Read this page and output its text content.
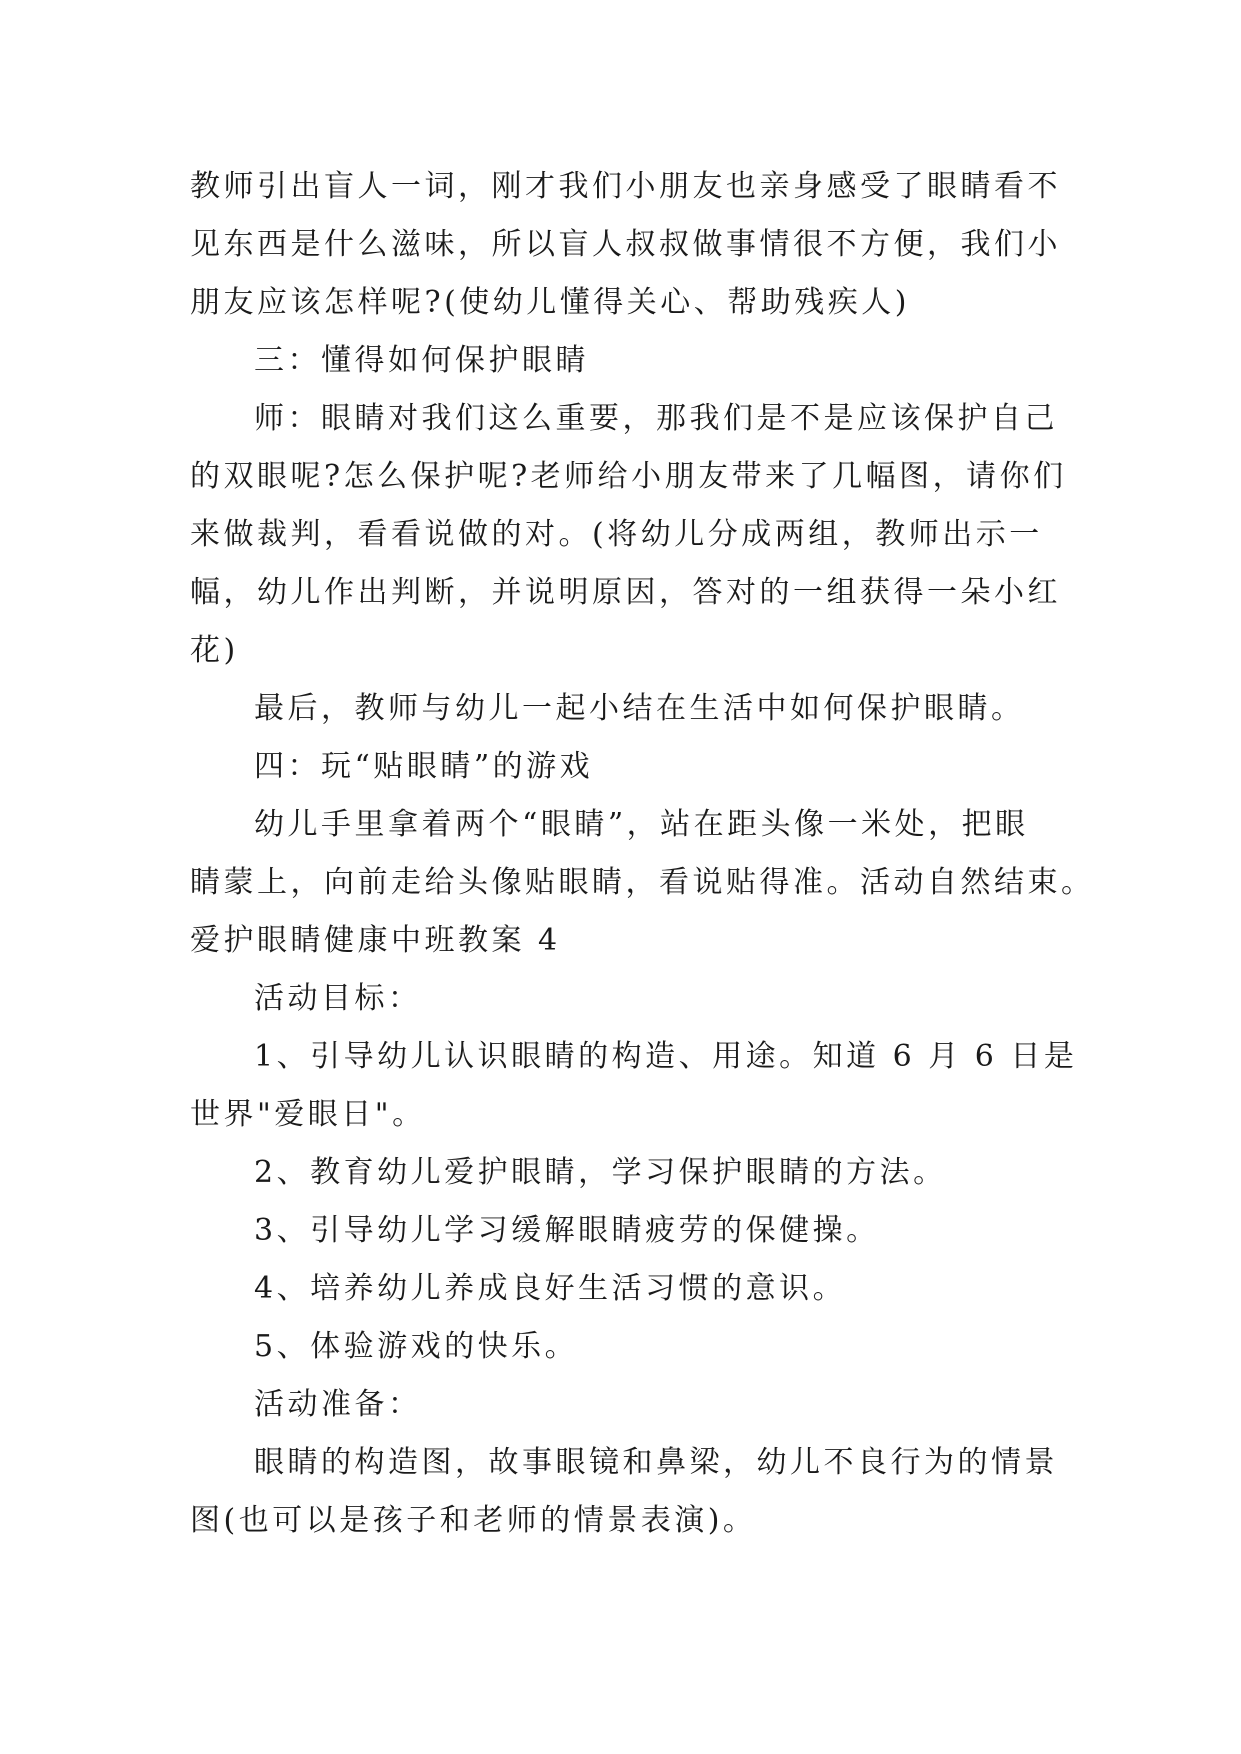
教师引出盲人一词，刚才我们小朋友也亲身感受了眼睛看不
见东西是什么滋味，所以盲人叔叔做事情很不方便，我们小
朋友应该怎样呢?(使幼儿懂得关心、帮助残疾人)
三：懂得如何保护眼睛
师：眼睛对我们这么重要，那我们是不是应该保护自己
的双眼呢?怎么保护呢?老师给小朋友带来了几幅图，请你们
来做裁判，看看说做的对。(将幼儿分成两组，教师出示一
幅，幼儿作出判断，并说明原因，答对的一组获得一朵小红
花)
最后，教师与幼儿一起小结在生活中如何保护眼睛。
四：玩“贴眼睛”的游戏
幼儿手里拿着两个“眼睛”，站在距头像一米处，把眼
睛蒙上，向前走给头像贴眼睛，看说贴得准。活动自然结束。
爱护眼睛健康中班教案 4
活动目标：
1、引导幼儿认识眼睛的构造、用途。知道 6 月 6 日是
世界"爱眼日"。
2、教育幼儿爱护眼睛，学习保护眼睛的方法。
3、引导幼儿学习缓解眼睛疲劳的保健操。
4、培养幼儿养成良好生活习惯的意识。
5、体验游戏的快乐。
活动准备：
眼睛的构造图，故事眼镜和鼻梁，幼儿不良行为的情景
图(也可以是孩子和老师的情景表演)。
